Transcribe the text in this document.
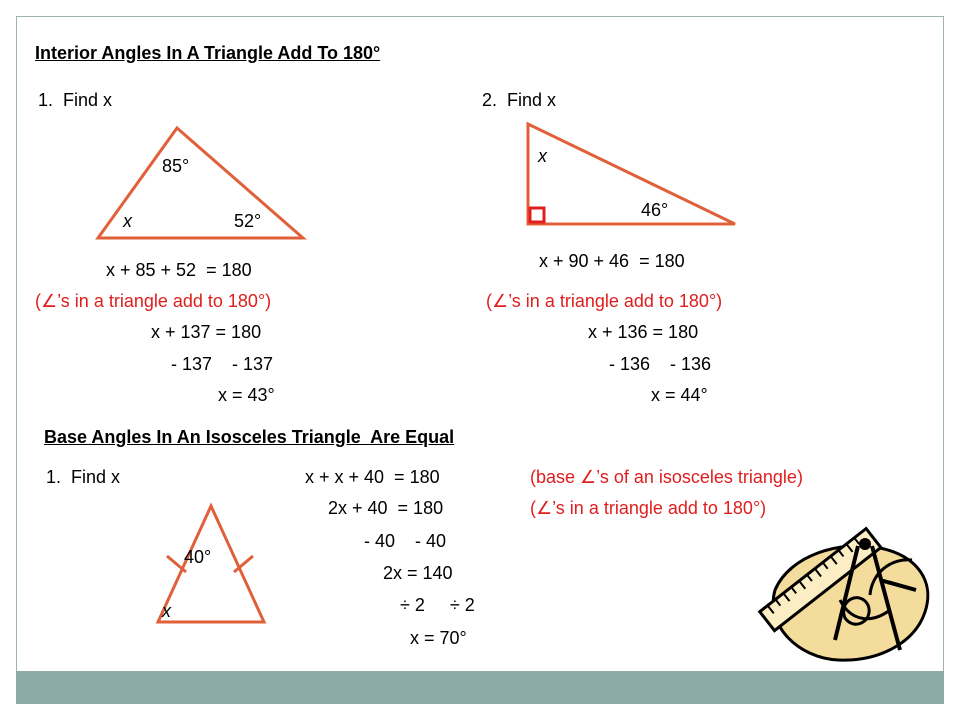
Interior Angles In A Triangle Add To 180°
1.  Find x	2.  Find x
85°
x	52°
x
46°
x + 85 + 52  = 180
(∠’s in a triangle add to 180°)
x + 137 = 180
- 137    - 137
x = 43°
x + 90 + 46  = 180
(∠’s in a triangle add to 180°)
x + 136 = 180
- 136    - 136
x = 44°
Base Angles In An Isosceles Triangle  Are Equal
1.  Find x
40°
x
x + x + 40  = 180	(base ∠’s of an isosceles triangle)
2x + 40  = 180	(∠’s in a triangle add to 180°)
- 40    - 40
2x = 140
÷ 2     ÷ 2
x = 70°
